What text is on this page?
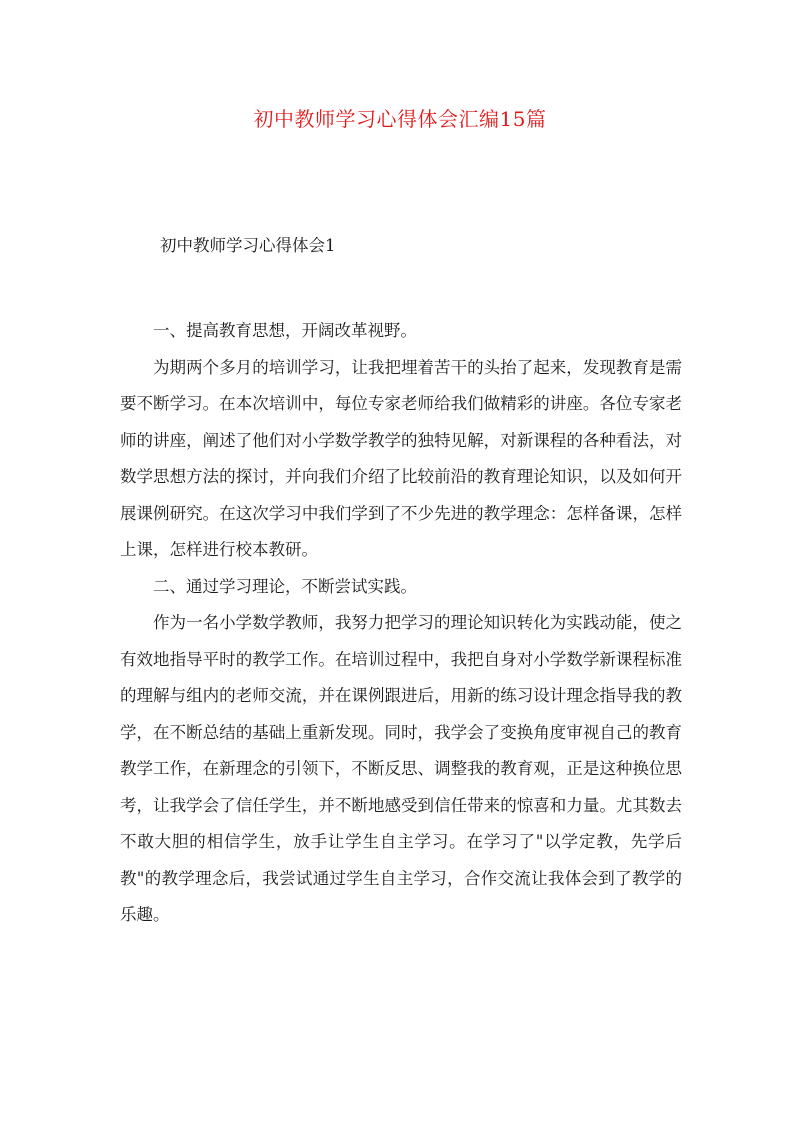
初中教师学习心得体会汇编15篇
初中教师学习心得体会1

一、提高教育思想，开阔改革视野。

为期两个多月的培训学习，让我把埋着苦干的头抬了起来，发现教育是需要不断学习。在本次培训中，每位专家老师给我们做精彩的讲座。各位专家老师的讲座，阐述了他们对小学数学教学的独特见解，对新课程的各种看法，对数学思想方法的探讨，并向我们介绍了比较前沿的教育理论知识，以及如何开展课例研究。在这次学习中我们学到了不少先进的教学理念：怎样备课，怎样上课，怎样进行校本教研。

二、通过学习理论，不断尝试实践。

作为一名小学数学教师，我努力把学习的理论知识转化为实践动能，使之有效地指导平时的教学工作。在培训过程中，我把自身对小学数学新课程标准的理解与组内的老师交流，并在课例跟进后，用新的练习设计理念指导我的教学，在不断总结的基础上重新发现。同时，我学会了变换角度审视自己的教育教学工作，在新理念的引领下，不断反思、调整我的教育观，正是这种换位思考，让我学会了信任学生，并不断地感受到信任带来的惊喜和力量。尤其数去不敢大胆的相信学生，放手让学生自主学习。在学习了"以学定教，先学后教"的教学理念后，我尝试通过学生自主学习，合作交流让我体会到了教学的乐趣。
